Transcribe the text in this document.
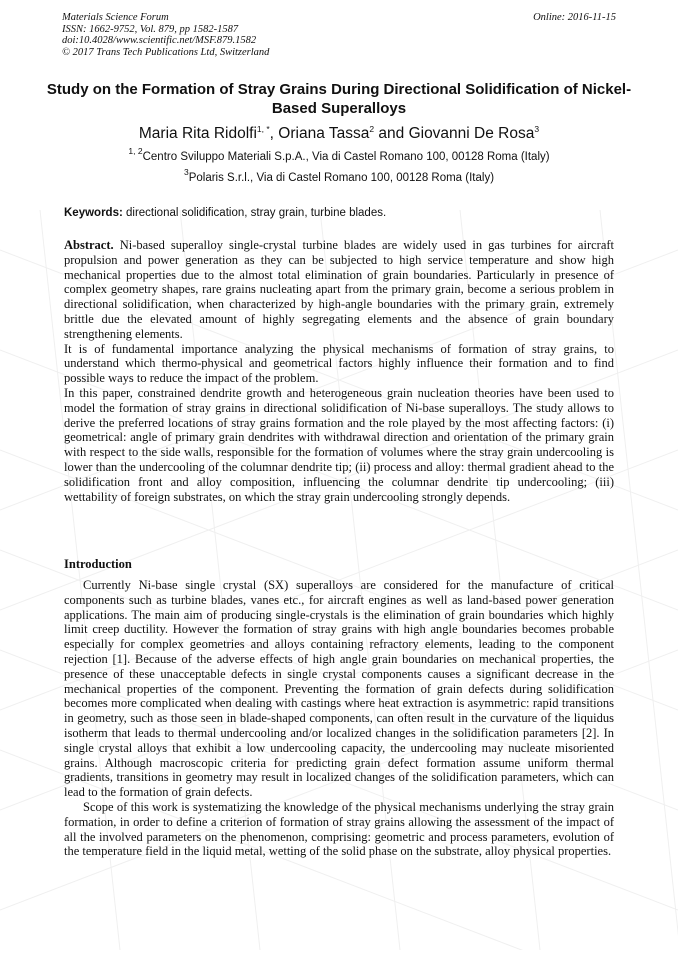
Materials Science Forum
ISSN: 1662-9752, Vol. 879, pp 1582-1587
doi:10.4028/www.scientific.net/MSF.879.1582
© 2017 Trans Tech Publications Ltd, Switzerland
Online: 2016-11-15
Study on the Formation of Stray Grains During Directional Solidification of Nickel-Based Superalloys
Maria Rita Ridolfi$^{1, *}$, Oriana Tassa$^2$ and Giovanni De Rosa$^3$
$^{1, 2}$Centro Sviluppo Materiali S.p.A., Via di Castel Romano 100, 00128 Roma (Italy)
$^3$Polaris S.r.l., Via di Castel Romano 100, 00128 Roma (Italy)
Keywords: directional solidification, stray grain, turbine blades.

Abstract. Ni-based superalloy single-crystal turbine blades are widely used in gas turbines for aircraft propulsion and power generation as they can be subjected to high service temperature and show high mechanical properties due to the almost total elimination of grain boundaries. Particularly in presence of complex geometry shapes, rare grains nucleating apart from the primary grain, become a serious problem in directional solidification, when characterized by high-angle boundaries with the primary grain, extremely brittle due the elevated amount of highly segregating elements and the absence of grain boundary strengthening elements.

It is of fundamental importance analyzing the physical mechanisms of formation of stray grains, to understand which thermo-physical and geometrical factors highly influence their formation and to find possible ways to reduce the impact of the problem.

In this paper, constrained dendrite growth and heterogeneous grain nucleation theories have been used to model the formation of stray grains in directional solidification of Ni-base superalloys. The study allows to derive the preferred locations of stray grains formation and the role played by the most affecting factors: (i) geometrical: angle of primary grain dendrites with withdrawal direction and orientation of the primary grain with respect to the side walls, responsible for the formation of volumes where the stray grain undercooling is lower than the undercooling of the columnar dendrite tip; (ii) process and alloy: thermal gradient ahead to the solidification front and alloy composition, influencing the columnar dendrite tip undercooling; (iii) wettability of foreign substrates, on which the stray grain undercooling strongly depends.

Introduction

Currently Ni-base single crystal (SX) superalloys are considered for the manufacture of critical components such as turbine blades, vanes etc., for aircraft engines as well as land-based power generation applications. The main aim of producing single-crystals is the elimination of grain boundaries which highly limit creep ductility. However the formation of stray grains with high angle boundaries becomes probable especially for complex geometries and alloys containing refractory elements, leading to the component rejection [1]. Because of the adverse effects of high angle grain boundaries on mechanical properties, the presence of these unacceptable defects in single crystal components causes a significant decrease in the mechanical properties of the component. Preventing the formation of grain defects during solidification becomes more complicated when dealing with castings where heat extraction is asymmetric: rapid transitions in geometry, such as those seen in blade-shaped components, can often result in the curvature of the liquidus isotherm that leads to thermal undercooling and/or localized changes in the solidification parameters [2]. In single crystal alloys that exhibit a low undercooling capacity, the undercooling may nucleate misoriented grains. Although macroscopic criteria for predicting grain defect formation assume uniform thermal gradients, transitions in geometry may result in localized changes of the solidification parameters, which can lead to the formation of grain defects.

Scope of this work is systematizing the knowledge of the physical mechanisms underlying the stray grain formation, in order to define a criterion of formation of stray grains allowing the assessment of the impact of all the involved parameters on the phenomenon, comprising: geometric and process parameters, evolution of the temperature field in the liquid metal, wetting of the solid phase on the substrate, alloy physical properties.
